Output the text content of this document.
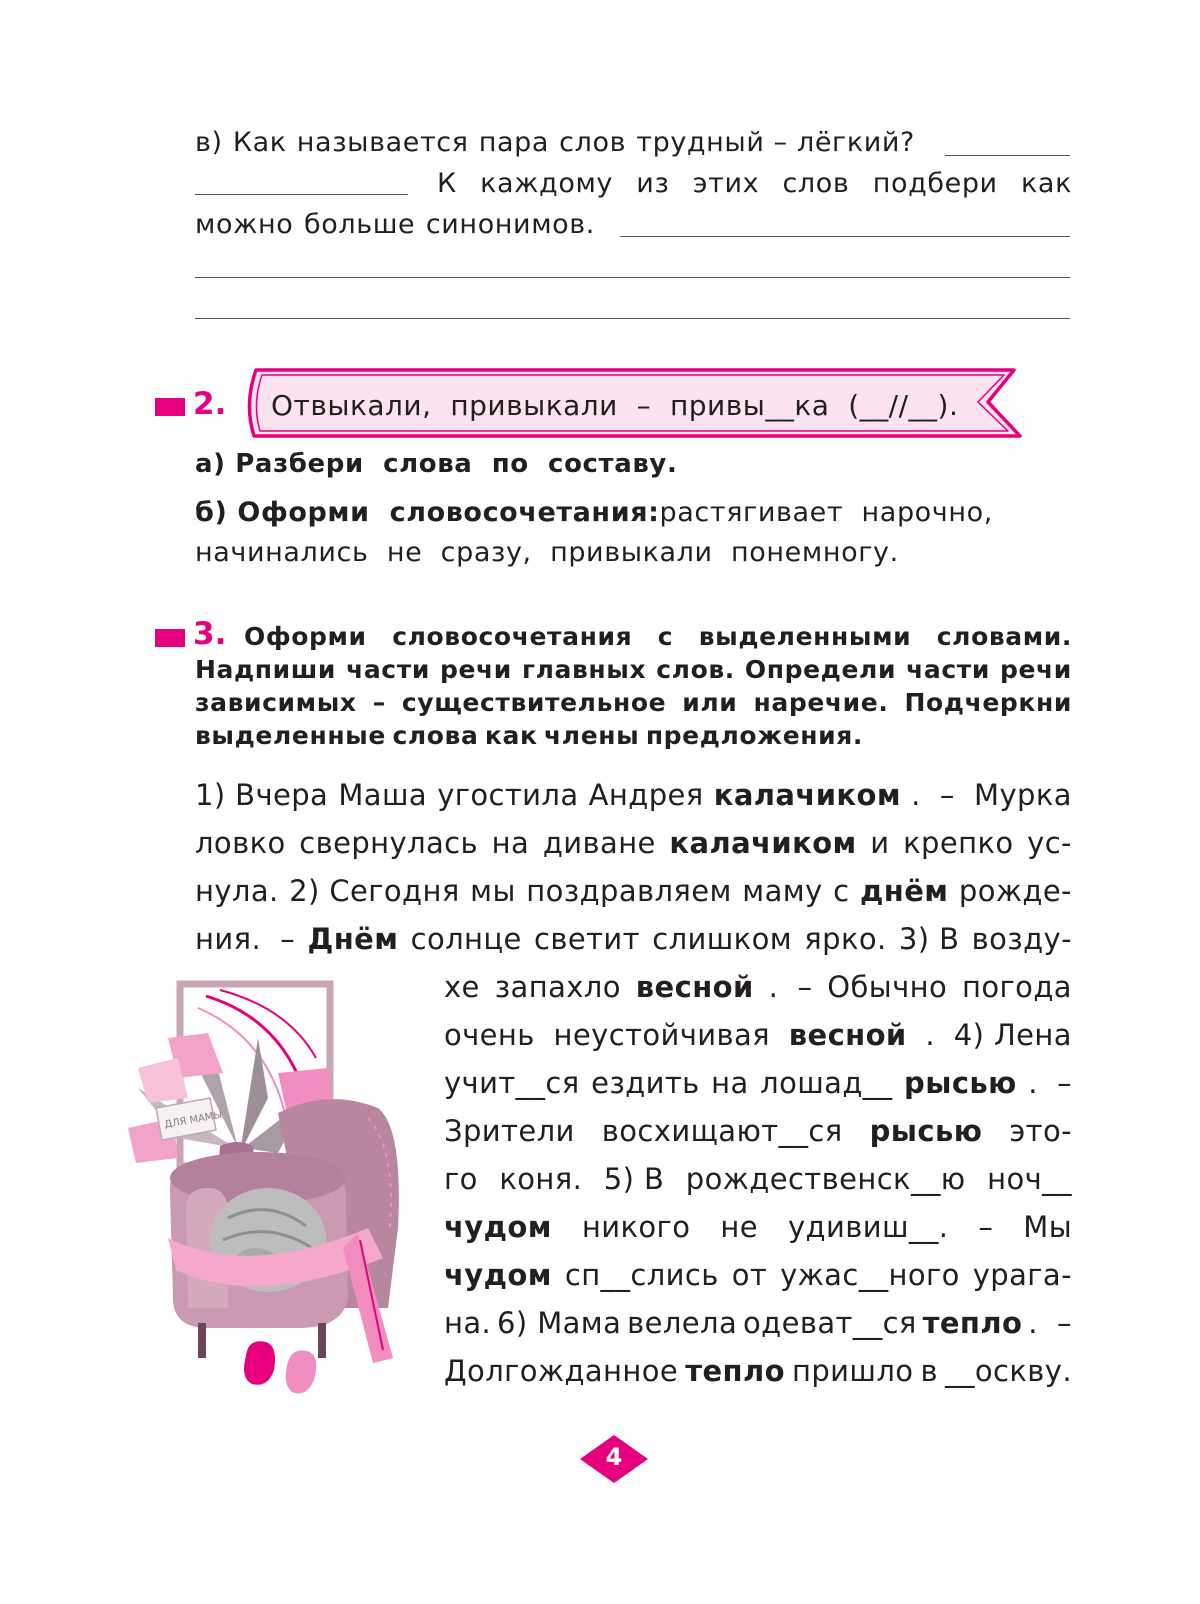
в) Как называется пара слов трудный – лёгкий?
К каждому из этих слов подбери как
можно больше синонимов.
2. Отвыкали,  привыкали  –  привы__ка  (__//__).
а) Разбери  слова  по  составу.
б) Оформи  словосочетания: растягивает  нарочно,
начинались  не  сразу,  привыкали  понемногу.
3. Оформи словосочетания с выделенными словами.
Надпиши части речи главных слов. Определи части речи
зависимых – существительное или наречие. Подчеркни
выделенные слова как члены предложения.
1) Вчера Маша угостила Андрея калачиком .  –  Мурка
ловко свернулась на диване калачиком и крепко ус-
нула. 2) Сегодня мы поздравляем маму с днём рожде-
ния.  – Днём солнце светит слишком ярко. 3) В возду-
хе запахло весной .  – Обычно погода
очень неустойчивая весной . 4) Лена
учит__ся ездить на лошад__ рысью .  –
Зрители восхищают__ся рысью это-
го коня. 5) В рождественск__ю ноч__
чудом никого не удивиш__. – Мы
чудом сп__слись от ужас__ного урага-
на. 6) Мама велела одеват__ся тепло .  –
Долгожданное тепло пришло в __оскву.
ДЛЯ МАМЫ
4
